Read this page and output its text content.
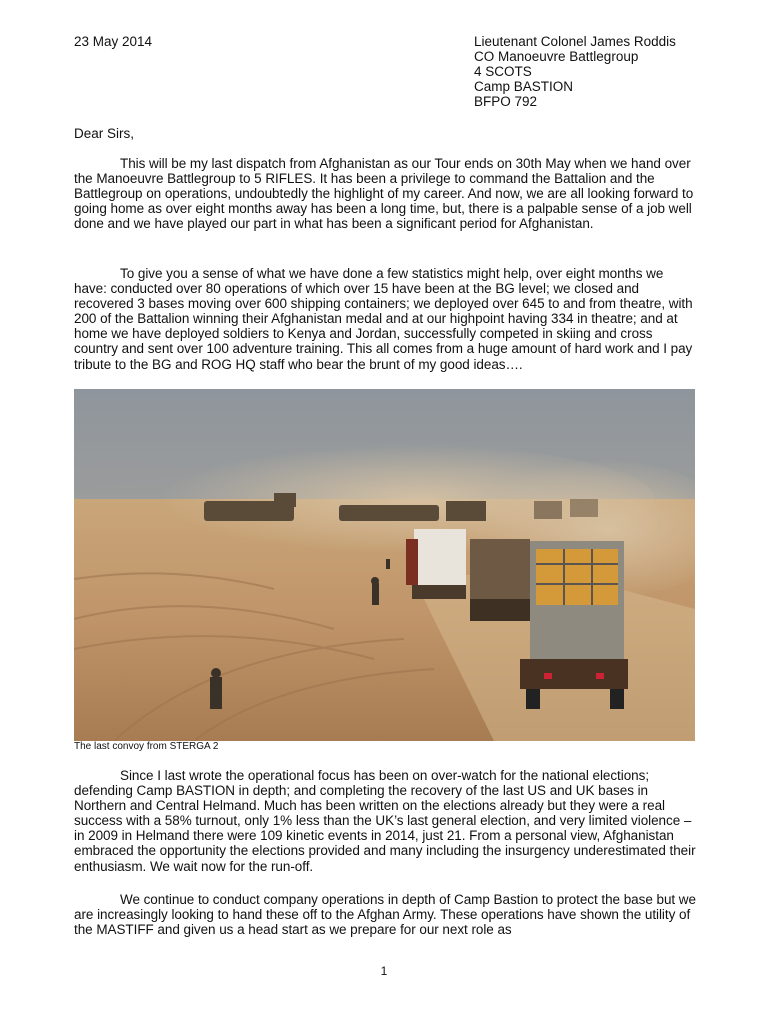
23 May 2014	Lieutenant Colonel James Roddis
CO Manoeuvre Battlegroup
4 SCOTS
Camp BASTION
BFPO 792
Dear Sirs,

This will be my last dispatch from Afghanistan as our Tour ends on 30th May when we hand over the Manoeuvre Battlegroup to 5 RIFLES. It has been a privilege to command the Battalion and the Battlegroup on operations, undoubtedly the highlight of my career. And now, we are all looking forward to going home as over eight months away has been a long time, but, there is a palpable sense of a job well done and we have played our part in what has been a significant period for Afghanistan.

To give you a sense of what we have done a few statistics might help, over eight months we have: conducted over 80 operations of which over 15 have been at the BG level; we closed and recovered 3 bases moving over 600 shipping containers; we deployed over 645 to and from theatre, with 200 of the Battalion winning their Afghanistan medal and at our highpoint having 334 in theatre; and at home we have deployed soldiers to Kenya and Jordan, successfully competed in skiing and cross country and sent over 100 adventure training. This all comes from a huge amount of hard work and I pay tribute to the BG and ROG HQ staff who bear the brunt of my good ideas….

The last convoy from STERGA 2

Since I last wrote the operational focus has been on over-watch for the national elections; defending Camp BASTION in depth; and completing the recovery of the last US and UK bases in Northern and Central Helmand. Much has been written on the elections already but they were a real success with a 58% turnout, only 1% less than the UK’s last general election, and very limited violence – in 2009 in Helmand there were 109 kinetic events in 2014, just 21. From a personal view, Afghanistan embraced the opportunity the elections provided and many including the insurgency underestimated their enthusiasm. We wait now for the run-off.

We continue to conduct company operations in depth of Camp Bastion to protect the base but we are increasingly looking to hand these off to the Afghan Army. These operations have shown the utility of the MASTIFF and given us a head start as we prepare for our next role as

1
